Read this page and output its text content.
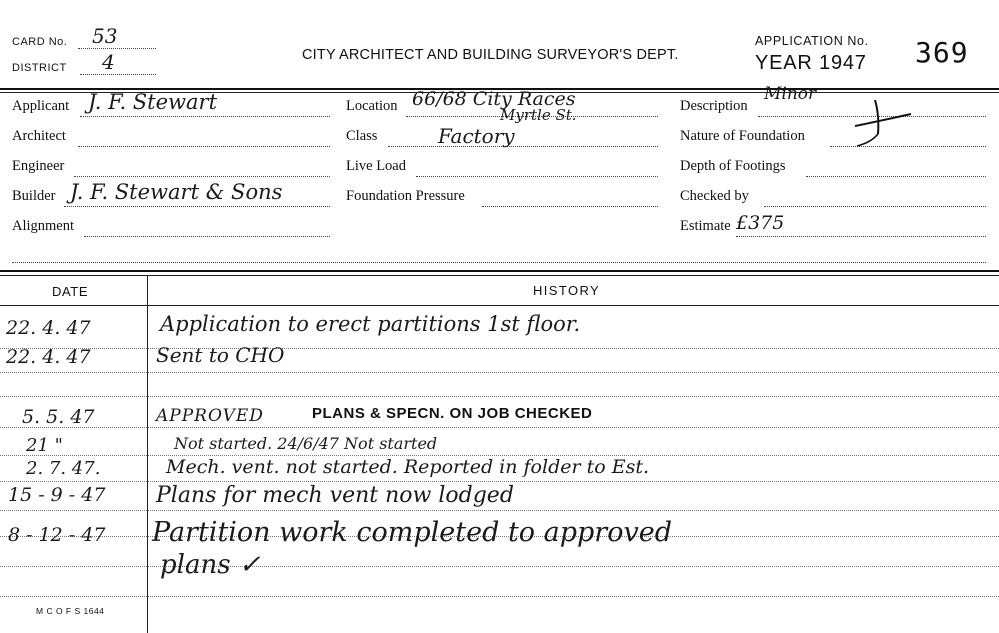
CARD No. 53
DISTRICT 4	CITY ARCHITECT AND BUILDING SURVEYOR'S DEPT.
APPLICATION No.
YEAR 1947 369
Applicant J. F. Stewart
Architect
Engineer
Builder J. F. Stewart & Sons
Alignment
Location 66/68 City Races
Myrtle St.
Class	Factory
Live Load
Foundation Pressure
Description
Minor
Nature of Foundation
Depth of Footings
Checked by
Estimate £375
DATE	HISTORY
22. 4. 47	Application to erect partitions 1st floor.
22. 4. 47	Sent to CHO
5. 5. 47	APPROVED	PLANS & SPECN. ON JOB CHECKED
21 "	Not started. 24/6/47 Not started
2. 7. 47.	Mech. vent. not started. Reported in folder to Est.
15 - 9 - 47 Plans for mech vent now lodged
8 - 12 - 47 Partition work completed to approved
plans ✓
M C O F S 1644
